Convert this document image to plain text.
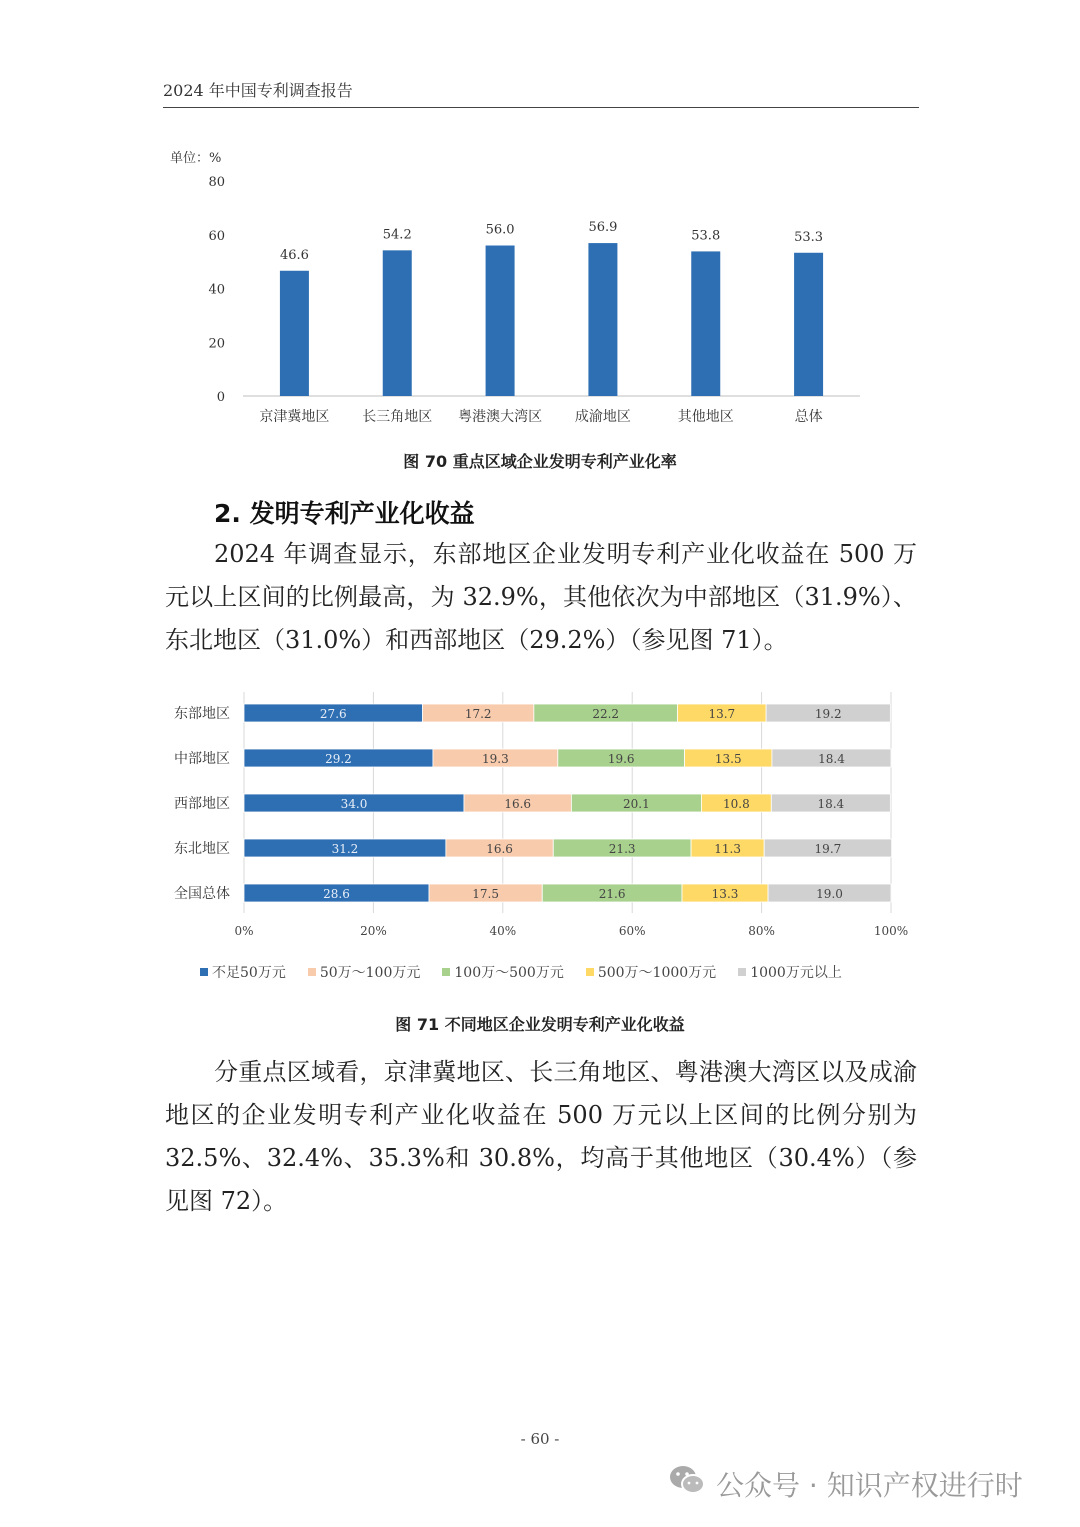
2024 年中国专利调查报告
单位：%
0
20
40
60
80
46.6
京津冀地区
54.2
长三角地区
56.0
粤港澳大湾区
56.9
成渝地区
53.8
其他地区
53.3
总体
图 70 重点区域企业发明专利产业化率
2. 发明专利产业化收益

2024 年调查显示，东部地区企业发明专利产业化收益在 500 万元以上区间的比例最高，为 32.9%，其他依次为中部地区（31.9%）、东北地区（31.0%）和西部地区（29.2%）（参见图 71）。

0%	20%	40%	60%	80%	100%
东部地区	27.6	17.2	22.2	13.7	19.2
中部地区	29.2	19.3	19.6	13.5	18.4
西部地区	34.0	16.6	20.1	10.8	18.4
东北地区	31.2	16.6	21.3	11.3	19.7
全国总体	28.6	17.5	21.6	13.3	19.0
不足50万元 50万～100万元 100万～500万元 500万～1000万元 1000万元以上
图 71 不同地区企业发明专利产业化收益

分重点区域看，京津冀地区、长三角地区、粤港澳大湾区以及成渝地区的企业发明专利产业化收益在 500 万元以上区间的比例分别为 32.5%、32.4%、35.3%和 30.8%，均高于其他地区（30.4%）（参见图 72）。

- 60 -
公众号 · 知识产权进行时
